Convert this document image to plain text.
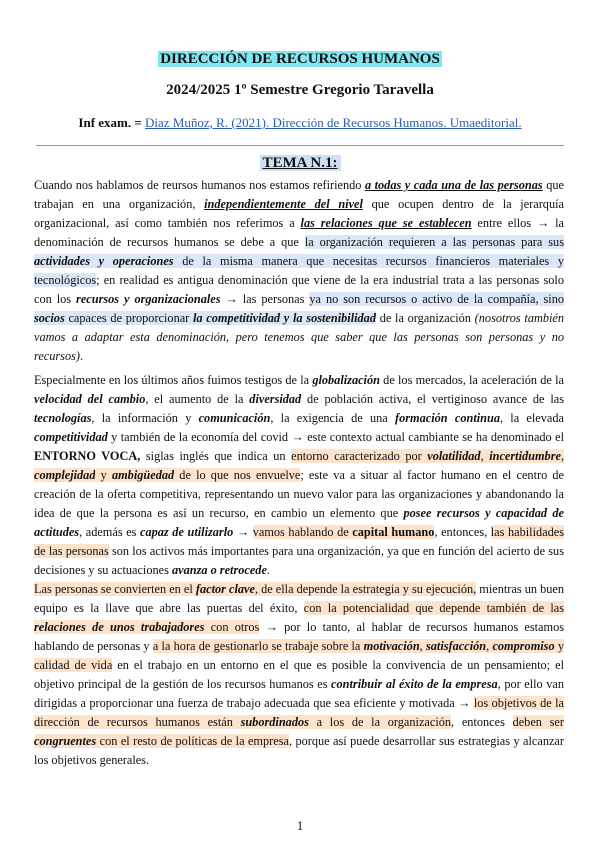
DIRECCIÓN DE RECURSOS HUMANOS
2024/2025 1º Semestre Gregorio Taravella
Inf exam. = Diaz Muñoz, R. (2021). Dirección de Recursos Humanos. Umaeditorial.
TEMA N.1:
Cuando nos hablamos de reursos humanos nos estamos refiriendo a todas y cada una de las personas que trabajan en una organización, independientemente del nivel que ocupen dentro de la jerarquía organizacional, así como también nos referimos a las relaciones que se establecen entre ellos → la denominación de recursos humanos se debe a que la organización requieren a las personas para sus actividades y operaciones de la misma manera que necesitas recursos financieros materiales y tecnológicos; en realidad es antigua denominación que viene de la era industrial trata a las personas solo con los recursos y organizacionales → las personas ya no son recursos o activo de la compañía, sino socios capaces de proporcionar la competitividad y la sostenibilidad de la organización (nosotros también vamos a adaptar esta denominación, pero tenemos que saber que las personas son personas y no recursos).
Especialmente en los últimos años fuimos testigos de la globalización de los mercados, la aceleración de la velocidad del cambio, el aumento de la diversidad de población activa, el vertiginoso avance de las tecnologías, la información y comunicación, la exigencia de una formación continua, la elevada competitividad y también de la economía del covid → este contexto actual cambiante se ha denominado el ENTORNO VOCA, siglas inglés que indica un entorno caracterizado por volatilidad, incertidumbre, complejidad y ambigüedad de lo que nos envuelve; este va a situar al factor humano en el centro de creación de la oferta competitiva, representando un nuevo valor para las organizaciones y abandonando la idea de que la persona es así un recurso, en cambio un elemento que posee recursos y capacidad de actitudes, además es capaz de utilizarlo → vamos hablando de capital humano, entonces, las habilidades de las personas son los activos más importantes para una organización, ya que en función del acierto de sus decisiones y su actuaciones avanza o retrocede.
Las personas se convierten en el factor clave, de ella depende la estrategia y su ejecución, mientras un buen equipo es la llave que abre las puertas del éxito, con la potencialidad que depende también de las relaciones de unos trabajadores con otros → por lo tanto, al hablar de recursos humanos estamos hablando de personas y a la hora de gestionarlo se trabaje sobre la motivación, satisfacción, compromiso y calidad de vida en el trabajo en un entorno en el que es posible la convivencia de un pensamiento; el objetivo principal de la gestión de los recursos humanos es contribuir al éxito de la empresa, por ello van dirigidas a proporcionar una fuerza de trabajo adecuada que sea eficiente y motivada → los objetivos de la dirección de recursos humanos están subordinados a los de la organización, entonces deben ser congruentes con el resto de políticas de la empresa, porque así puede desarrollar sus estrategias y alcanzar los objetivos generales.
1
